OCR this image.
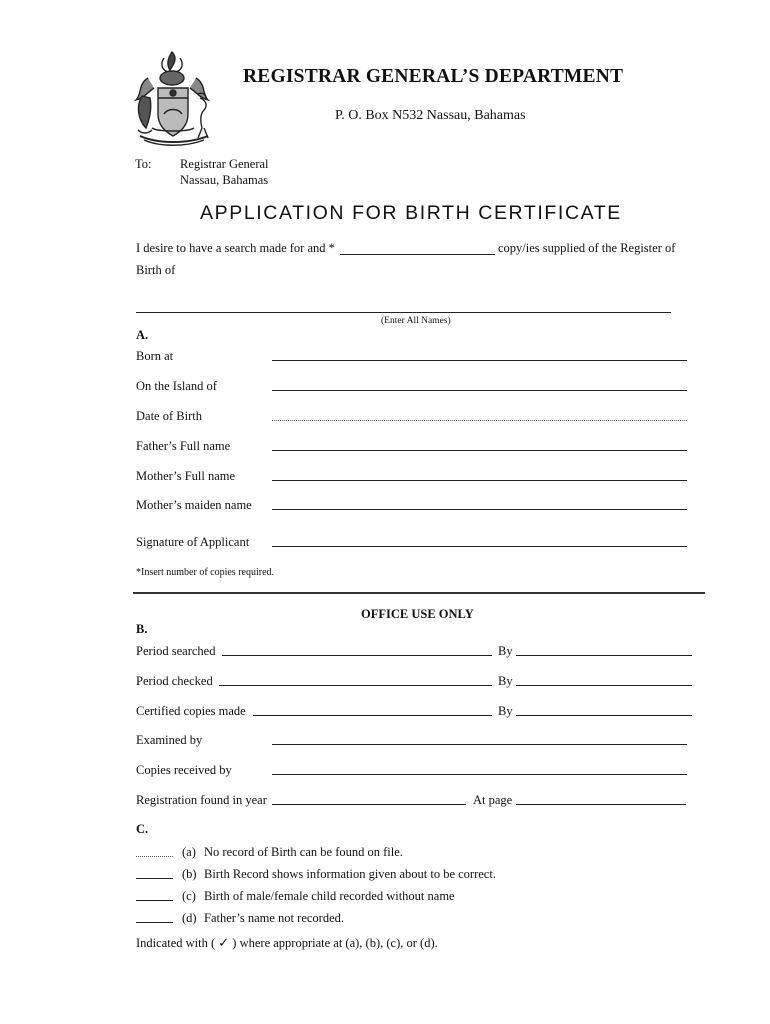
REGISTRAR GENERAL’S DEPARTMENT
P. O. Box N532 Nassau, Bahamas
To: Registrar General
Nassau, Bahamas
APPLICATION FOR BIRTH CERTIFICATE
I desire to have a search made for and *	copy/ies supplied of the Register of
Birth of
(Enter All Names)
A.
Born at
On the Island of
Date of Birth
Father’s Full name
Mother’s Full name
Mother’s maiden name
Signature of Applicant
*Insert number of copies required.
OFFICE USE ONLY
B.
Period searched	By
Period checked	By
Certified copies made	By
Examined by
Copies received by
Registration found in year	At page
C.
(a) No record of Birth can be found on file.
(b) Birth Record shows information given about to be correct.
(c) Birth of male/female child recorded without name
(d) Father’s name not recorded.
Indicated with ( ✓ ) where appropriate at (a), (b), (c), or (d).
